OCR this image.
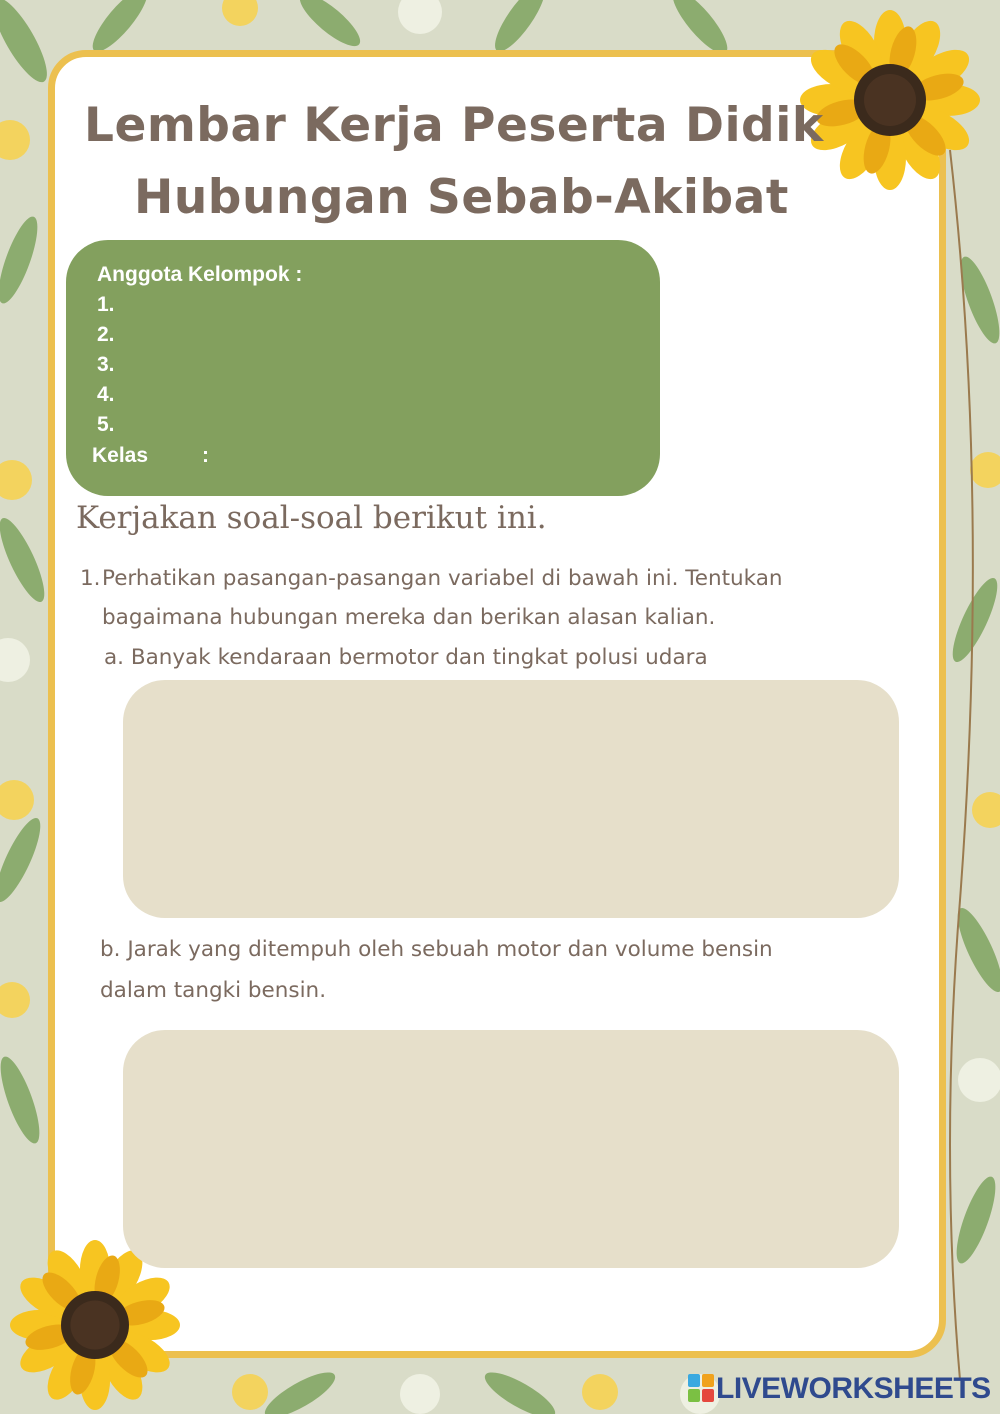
Lembar Kerja Peserta Didik
Hubungan Sebab-Akibat
Anggota Kelompok :
1.
2.
3.
4.
5.
Kelas	:
Kerjakan soal-soal berikut ini.
1. Perhatikan pasangan-pasangan variabel di bawah ini. Tentukan
bagaimana hubungan mereka dan berikan alasan kalian.
a. Banyak kendaraan bermotor dan tingkat polusi udara
b. Jarak yang ditempuh oleh sebuah motor dan volume bensin
dalam tangki bensin.
LIVEWORKSHEETS
